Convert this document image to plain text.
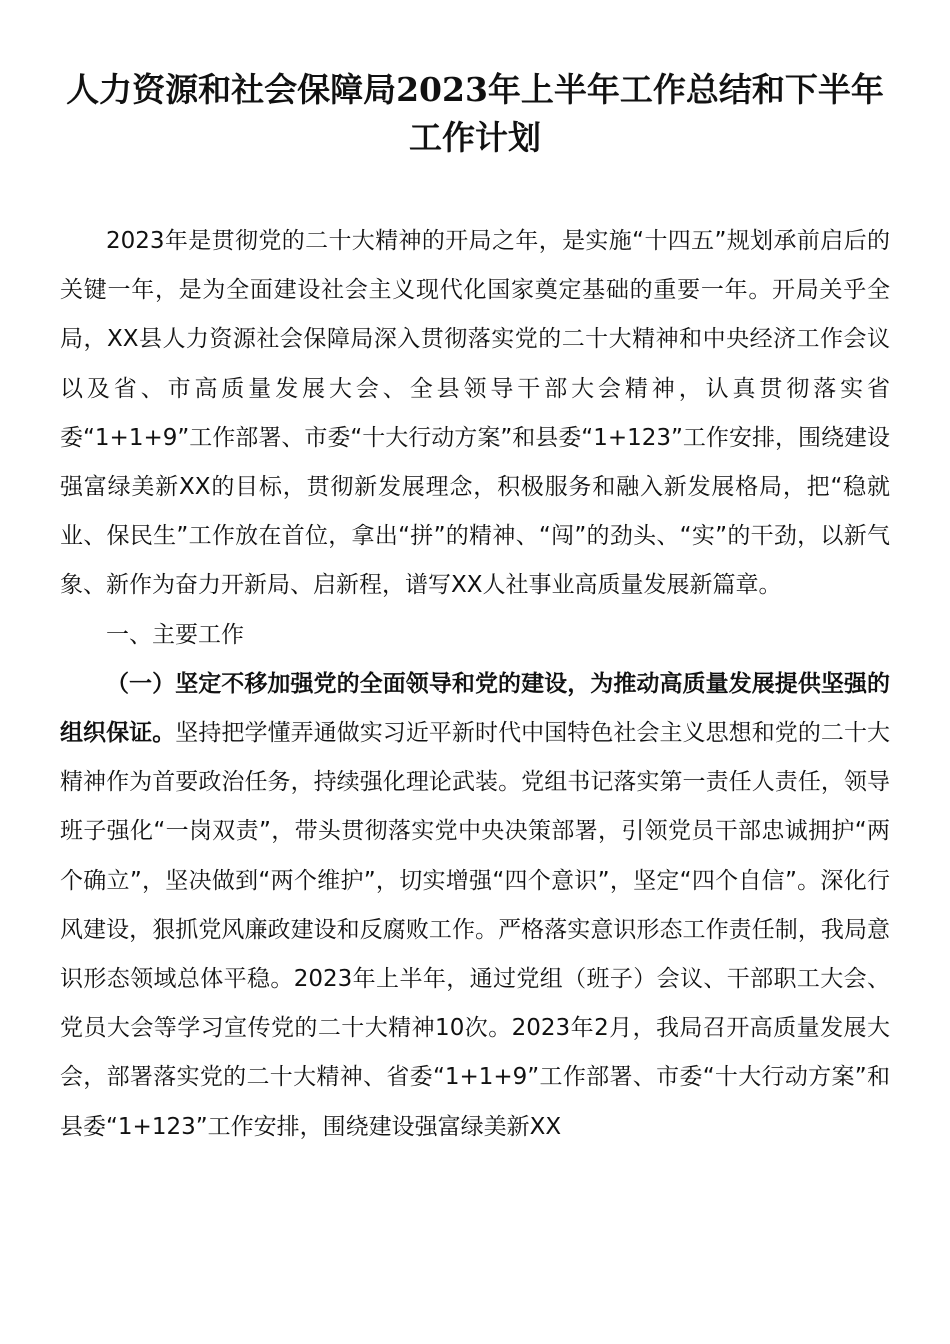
人力资源和社会保障局2023年上半年工作总结和下半年工作计划

2023年是贯彻党的二十大精神的开局之年，是实施“十四五”规划承前启后的关键一年，是为全面建设社会主义现代化国家奠定基础的重要一年。开局关乎全局，XX县人力资源社会保障局深入贯彻落实党的二十大精神和中央经济工作会议以及省、市高质量发展大会、全县领导干部大会精神，认真贯彻落实省委“1+1+9”工作部署、市委“十大行动方案”和县委“1+123”工作安排，围绕建设强富绿美新XX的目标，贯彻新发展理念，积极服务和融入新发展格局，把“稳就业、保民生”工作放在首位，拿出“拼”的精神、“闯”的劲头、“实”的干劲，以新气象、新作为奋力开新局、启新程，谱写XX人社事业高质量发展新篇章。

一、主要工作

（一）坚定不移加强党的全面领导和党的建设，为推动高质量发展提供坚强的组织保证。坚持把学懂弄通做实习近平新时代中国特色社会主义思想和党的二十大精神作为首要政治任务，持续强化理论武装。党组书记落实第一责任人责任，领导班子强化“一岗双责”，带头贯彻落实党中央决策部署，引领党员干部忠诚拥护“两个确立”，坚决做到“两个维护”，切实增强“四个意识”，坚定“四个自信”。深化行风建设，狠抓党风廉政建设和反腐败工作。严格落实意识形态工作责任制，我局意识形态领域总体平稳。2023年上半年，通过党组（班子）会议、干部职工大会、党员大会等学习宣传党的二十大精神10次。2023年2月，我局召开高质量发展大会，部署落实党的二十大精神、省委“1+1+9”工作部署、市委“十大行动方案”和县委“1+123”工作安排，围绕建设强富绿美新XX
